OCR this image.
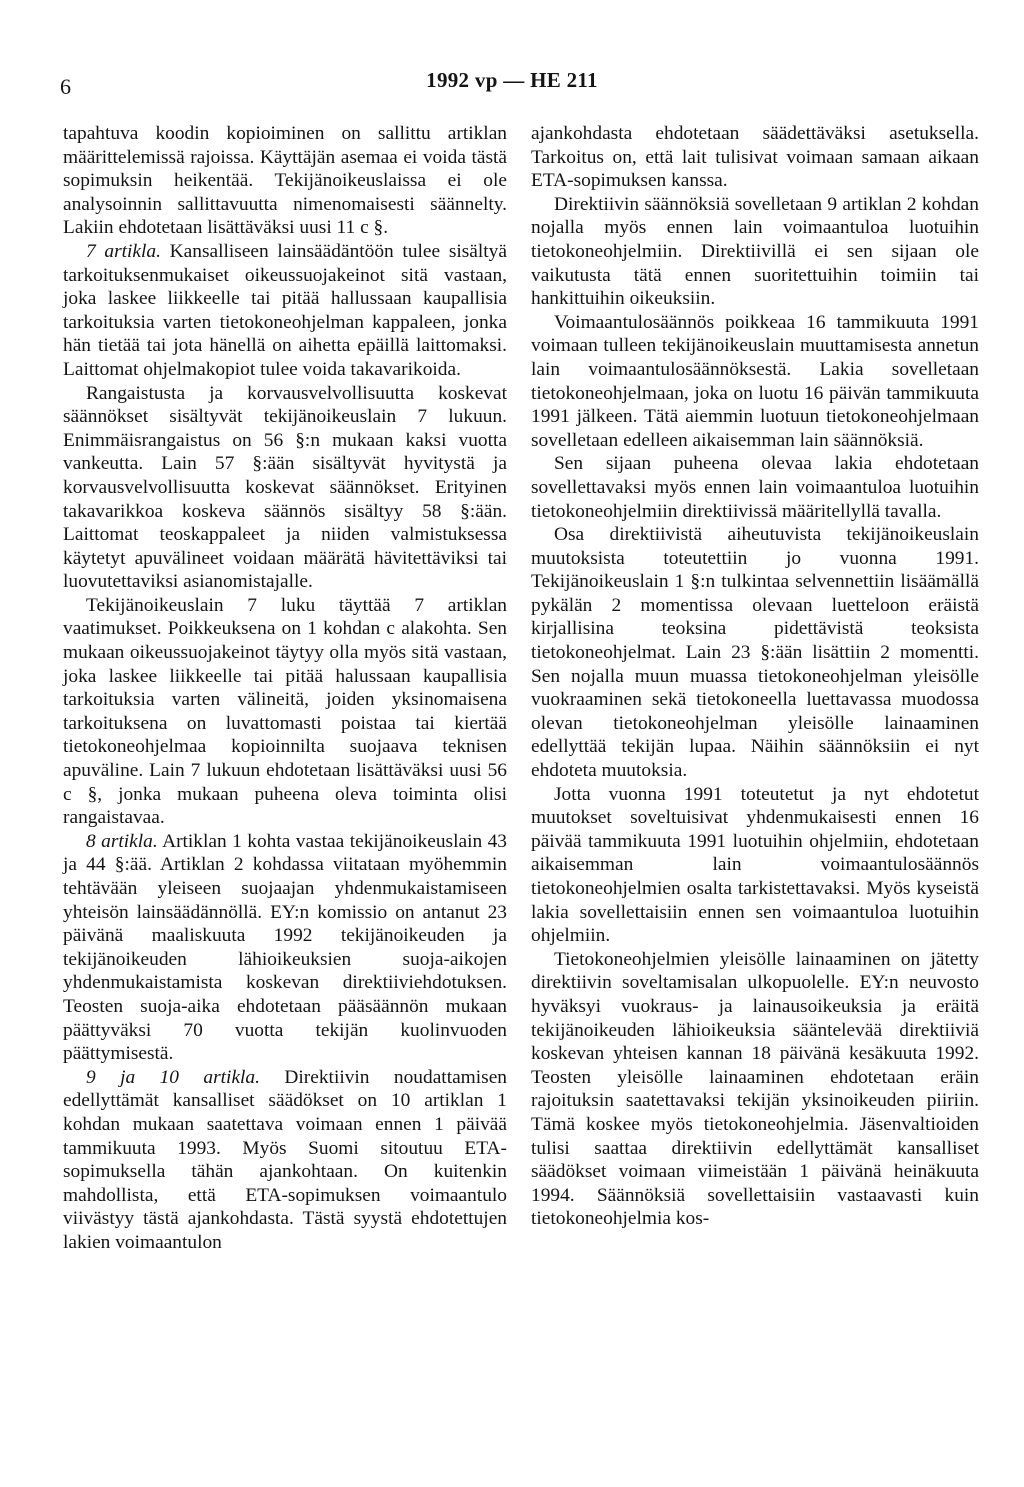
6	1992 vp — HE 211

tapahtuva koodin kopioiminen on sallittu artiklan määrittelemissä rajoissa. Käyttäjän asemaa ei voida tästä sopimuksin heikentää. Tekijänoikeuslaissa ei ole analysoinnin sallittavuutta nimenomaisesti säännelty. Lakiin ehdotetaan lisättäväksi uusi 11 c §.

7 artikla. Kansalliseen lainsäädäntöön tulee sisältyä tarkoituksenmukaiset oikeussuojakeinot sitä vastaan, joka laskee liikkeelle tai pitää hallussaan kaupallisia tarkoituksia varten tietokoneohjelman kappaleen, jonka hän tietää tai jota hänellä on aihetta epäillä laittomaksi. Laittomat ohjelmakopiot tulee voida takavarikoida.

Rangaistusta ja korvausvelvollisuutta koskevat säännökset sisältyvät tekijänoikeuslain 7 lukuun. Enimmäisrangaistus on 56 §:n mukaan kaksi vuotta vankeutta. Lain 57 §:ään sisältyvät hyvitystä ja korvausvelvollisuutta koskevat säännökset. Erityinen takavarikkoa koskeva säännös sisältyy 58 §:ään. Laittomat teoskappaleet ja niiden valmistuksessa käytetyt apuvälineet voidaan määrätä hävitettäviksi tai luovutettaviksi asianomistajalle.

Tekijänoikeuslain 7 luku täyttää 7 artiklan vaatimukset. Poikkeuksena on 1 kohdan c alakohta. Sen mukaan oikeussuojakeinot täytyy olla myös sitä vastaan, joka laskee liikkeelle tai pitää halussaan kaupallisia tarkoituksia varten välineitä, joiden yksinomaisena tarkoituksena on luvattomasti poistaa tai kiertää tietokoneohjelmaa kopioinnilta suojaava teknisen apuväline. Lain 7 lukuun ehdotetaan lisättäväksi uusi 56 c §, jonka mukaan puheena oleva toiminta olisi rangaistavaa.

8 artikla. Artiklan 1 kohta vastaa tekijänoikeuslain 43 ja 44 §:ää. Artiklan 2 kohdassa viitataan myöhemmin tehtävään yleiseen suojaajan yhdenmukaistamiseen yhteisön lainsäädännöllä. EY:n komissio on antanut 23 päivänä maaliskuuta 1992 tekijänoikeuden ja tekijänoikeuden lähioikeuksien suoja-aikojen yhdenmukaistamista koskevan direktiiviehdotuksen. Teosten suoja-aika ehdotetaan pääsäännön mukaan päättyväksi 70 vuotta tekijän kuolinvuoden päättymisestä.

9 ja 10 artikla. Direktiivin noudattamisen edellyttämät kansalliset säädökset on 10 artiklan 1 kohdan mukaan saatettava voimaan ennen 1 päivää tammikuuta 1993. Myös Suomi sitoutuu ETA-sopimuksella tähän ajankohtaan. On kuitenkin mahdollista, että ETA-sopimuksen voimaantulo viivästyy tästä ajankohdasta. Tästä syystä ehdotettujen lakien voimaantulon

ajankohdasta ehdotetaan säädettäväksi asetuksella. Tarkoitus on, että lait tulisivat voimaan samaan aikaan ETA-sopimuksen kanssa.

Direktiivin säännöksiä sovelletaan 9 artiklan 2 kohdan nojalla myös ennen lain voimaantuloa luotuihin tietokoneohjelmiin. Direktiivillä ei sen sijaan ole vaikutusta tätä ennen suoritettuihin toimiin tai hankittuihin oikeuksiin.

Voimaantulosäännös poikkeaa 16 tammikuuta 1991 voimaan tulleen tekijänoikeuslain muuttamisesta annetun lain voimaantulosäännöksestä. Lakia sovelletaan tietokoneohjelmaan, joka on luotu 16 päivän tammikuuta 1991 jälkeen. Tätä aiemmin luotuun tietokoneohjelmaan sovelletaan edelleen aikaisemman lain säännöksiä.

Sen sijaan puheena olevaa lakia ehdotetaan sovellettavaksi myös ennen lain voimaantuloa luotuihin tietokoneohjelmiin direktiivissä määritellyllä tavalla.

Osa direktiivistä aiheutuvista tekijänoikeuslain muutoksista toteutettiin jo vuonna 1991. Tekijänoikeuslain 1 §:n tulkintaa selvennettiin lisäämällä pykälän 2 momentissa olevaan luetteloon eräistä kirjallisina teoksina pidettävistä teoksista tietokoneohjelmat. Lain 23 §:ään lisättiin 2 momentti. Sen nojalla muun muassa tietokoneohjelman yleisölle vuokraaminen sekä tietokoneella luettavassa muodossa olevan tietokoneohjelman yleisölle lainaaminen edellyttää tekijän lupaa. Näihin säännöksiin ei nyt ehdoteta muutoksia.

Jotta vuonna 1991 toteutetut ja nyt ehdotetut muutokset soveltuisivat yhdenmukaisesti ennen 16 päivää tammikuuta 1991 luotuihin ohjelmiin, ehdotetaan aikaisemman lain voimaantulosäännös tietokoneohjelmien osalta tarkistettavaksi. Myös kyseistä lakia sovellettaisiin ennen sen voimaantuloa luotuihin ohjelmiin.

Tietokoneohjelmien yleisölle lainaaminen on jätetty direktiivin soveltamisalan ulkopuolelle. EY:n neuvosto hyväksyi vuokraus- ja lainausoikeuksia ja eräitä tekijänoikeuden lähioikeuksia sääntelevää direktiiviä koskevan yhteisen kannan 18 päivänä kesäkuuta 1992. Teosten yleisölle lainaaminen ehdotetaan eräin rajoituksin saatettavaksi tekijän yksinoikeuden piiriin. Tämä koskee myös tietokoneohjelmia. Jäsenvaltioiden tulisi saattaa direktiivin edellyttämät kansalliset säädökset voimaan viimeistään 1 päivänä heinäkuuta 1994. Säännöksiä sovellettaisiin vastaavasti kuin tietokoneohjelmia kos-
